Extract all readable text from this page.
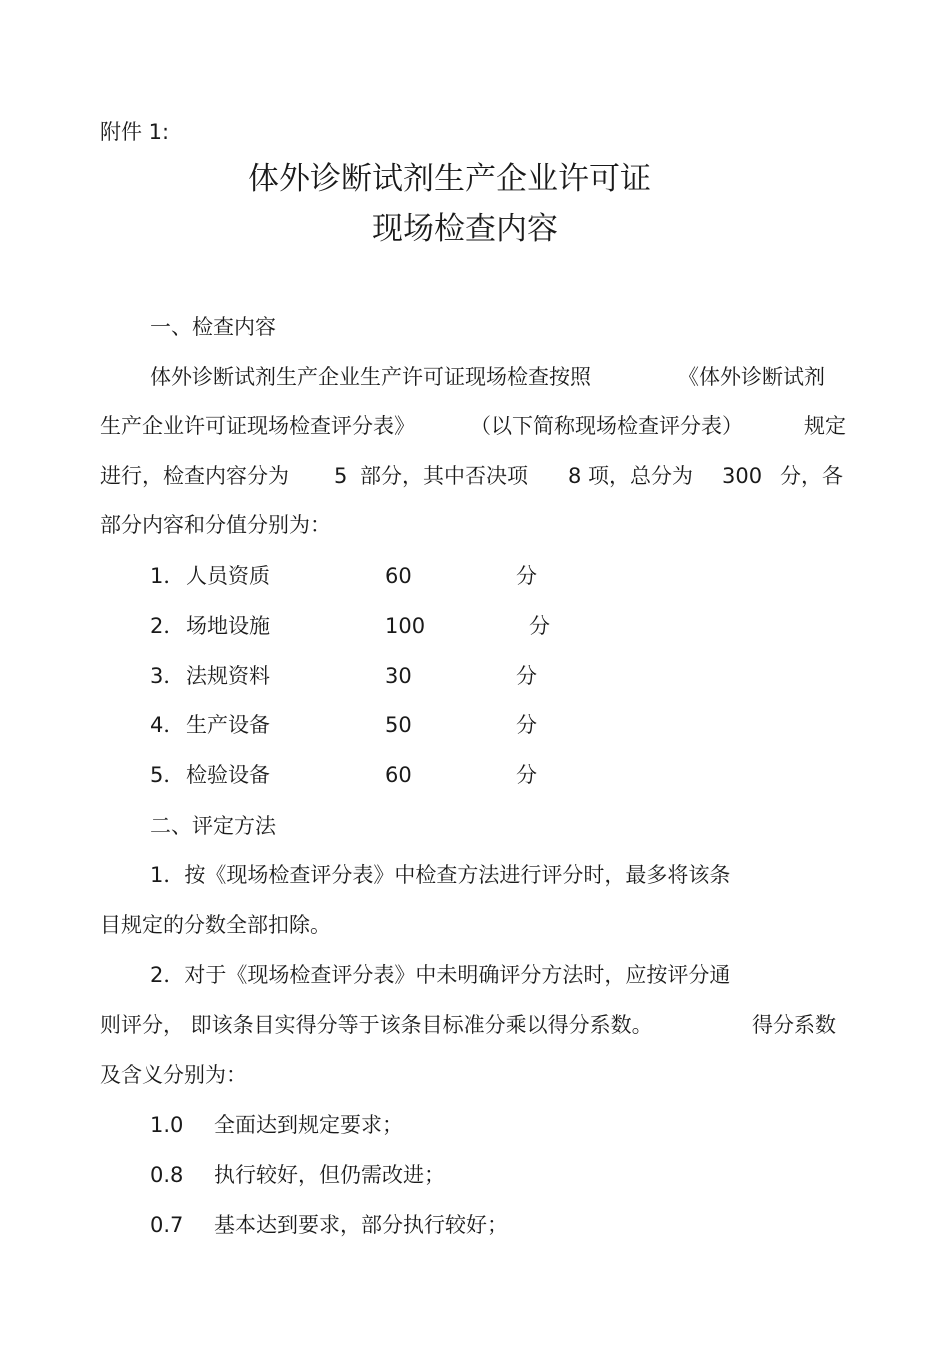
附件 1:
体外诊断试剂生产企业许可证
现场检查内容
一、检查内容
体外诊断试剂生产企业生产许可证现场检查按照	《体外诊断试剂
生产企业许可证现场检查评分表》	（以下简称现场检查评分表）	规定
进行，检查内容分为 5 部分，其中否决项 8 项，总分为 300 分，各
部分内容和分值分别为：
1． 人员资质	60	分
2． 场地设施	100	分
3． 法规资料	30	分
4． 生产设备	50	分
5． 检验设备	60	分
二、评定方法
1．按《现场检查评分表》中检查方法进行评分时，最多将该条
目规定的分数全部扣除。
2．对于《现场检查评分表》中未明确评分方法时，应按评分通
则评分， 即该条目实得分等于该条目标准分乘以得分系数。	得分系数
及含义分别为：
1.0 全面达到规定要求；
0.8 执行较好，但仍需改进；
0.7 基本达到要求，部分执行较好；
